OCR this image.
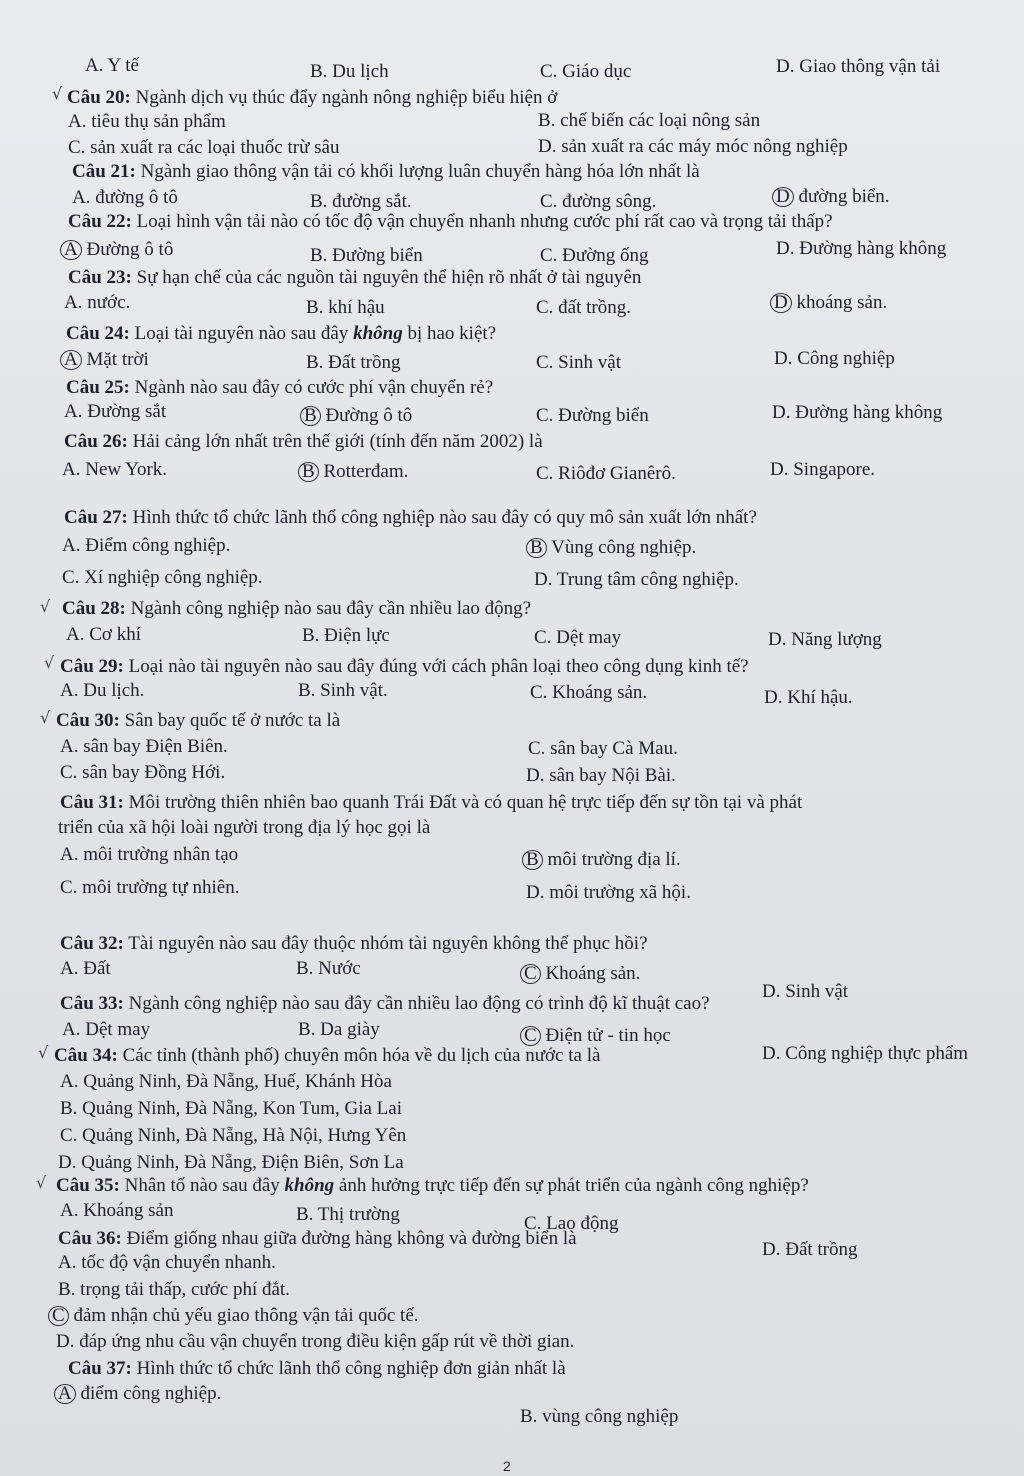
A. Y tế	B. Du lịch	C. Giáo dục	D. Giao thông vận tải
√ Câu 20: Ngành dịch vụ thúc đẩy ngành nông nghiệp biểu hiện ở
A. tiêu thụ sản phẩm	B. chế biến các loại nông sản
C. sản xuất ra các loại thuốc trừ sâu	D. sản xuất ra các máy móc nông nghiệp
Câu 21: Ngành giao thông vận tải có khối lượng luân chuyển hàng hóa lớn nhất là
A. đường ô tô	B. đường sắt.	C. đường sông.	D đường biển.
Câu 22: Loại hình vận tải nào có tốc độ vận chuyển nhanh nhưng cước phí rất cao và trọng tải thấp?
A Đường ô tô	B. Đường biển	C. Đường ống	D. Đường hàng không
Câu 23: Sự hạn chế của các nguồn tài nguyên thể hiện rõ nhất ở tài nguyên
A. nước.	B. khí hậu	C. đất trồng.	D khoáng sản.
Câu 24: Loại tài nguyên nào sau đây không bị hao kiệt?
A Mặt trời	B. Đất trồng	C. Sinh vật	D. Công nghiệp
Câu 25: Ngành nào sau đây có cước phí vận chuyển rẻ?
A. Đường sắt	B Đường ô tô	C. Đường biển	D. Đường hàng không
Câu 26: Hải cảng lớn nhất trên thế giới (tính đến năm 2002) là
A. New York.	B Rotterđam.	C. Riôđơ Gianêrô.	D. Singapore.
Câu 27: Hình thức tổ chức lãnh thổ công nghiệp nào sau đây có quy mô sản xuất lớn nhất?
A. Điểm công nghiệp.	B Vùng công nghiệp.
C. Xí nghiệp công nghiệp.	D. Trung tâm công nghiệp.
√ Câu 28: Ngành công nghiệp nào sau đây cần nhiều lao động?
A. Cơ khí	B. Điện lực	C. Dệt may	D. Năng lượng
√ Câu 29: Loại nào tài nguyên nào sau đây đúng với cách phân loại theo công dụng kinh tế?
A. Du lịch.	B. Sinh vật.	C. Khoáng sản.	D. Khí hậu.
√ Câu 30: Sân bay quốc tế ở nước ta là
A. sân bay Điện Biên.	C. sân bay Cà Mau.
C. sân bay Đồng Hới.	D. sân bay Nội Bài.
Câu 31: Môi trường thiên nhiên bao quanh Trái Đất và có quan hệ trực tiếp đến sự tồn tại và phát
triển của xã hội loài người trong địa lý học gọi là
A. môi trường nhân tạo	B môi trường địa lí.
C. môi trường tự nhiên.	D. môi trường xã hội.
Câu 32: Tài nguyên nào sau đây thuộc nhóm tài nguyên không thể phục hồi?
A. Đất	B. Nước	C Khoáng sản.
D. Sinh vật
Câu 33: Ngành công nghiệp nào sau đây cần nhiều lao động có trình độ kĩ thuật cao?
A. Dệt may	B. Da giày	C Điện tử - tin học
D. Công nghiệp thực phẩm
√ Câu 34: Các tỉnh (thành phố) chuyên môn hóa về du lịch của nước ta là
A. Quảng Ninh, Đà Nẵng, Huế, Khánh Hòa
B. Quảng Ninh, Đà Nẵng, Kon Tum, Gia Lai
C. Quảng Ninh, Đà Nẵng, Hà Nội, Hưng Yên
D. Quảng Ninh, Đà Nẵng, Điện Biên, Sơn La
√ Câu 35: Nhân tố nào sau đây không ảnh hưởng trực tiếp đến sự phát triển của ngành công nghiệp?
A. Khoáng sản	B. Thị trường	C. Lao động
D. Đất trồng
Câu 36: Điểm giống nhau giữa đường hàng không và đường biển là
A. tốc độ vận chuyển nhanh.
B. trọng tải thấp, cước phí đắt.
C đảm nhận chủ yếu giao thông vận tải quốc tế.
D. đáp ứng nhu cầu vận chuyển trong điều kiện gấp rút về thời gian.
Câu 37: Hình thức tổ chức lãnh thổ công nghiệp đơn giản nhất là
A điểm công nghiệp.
B. vùng công nghiệp
2
